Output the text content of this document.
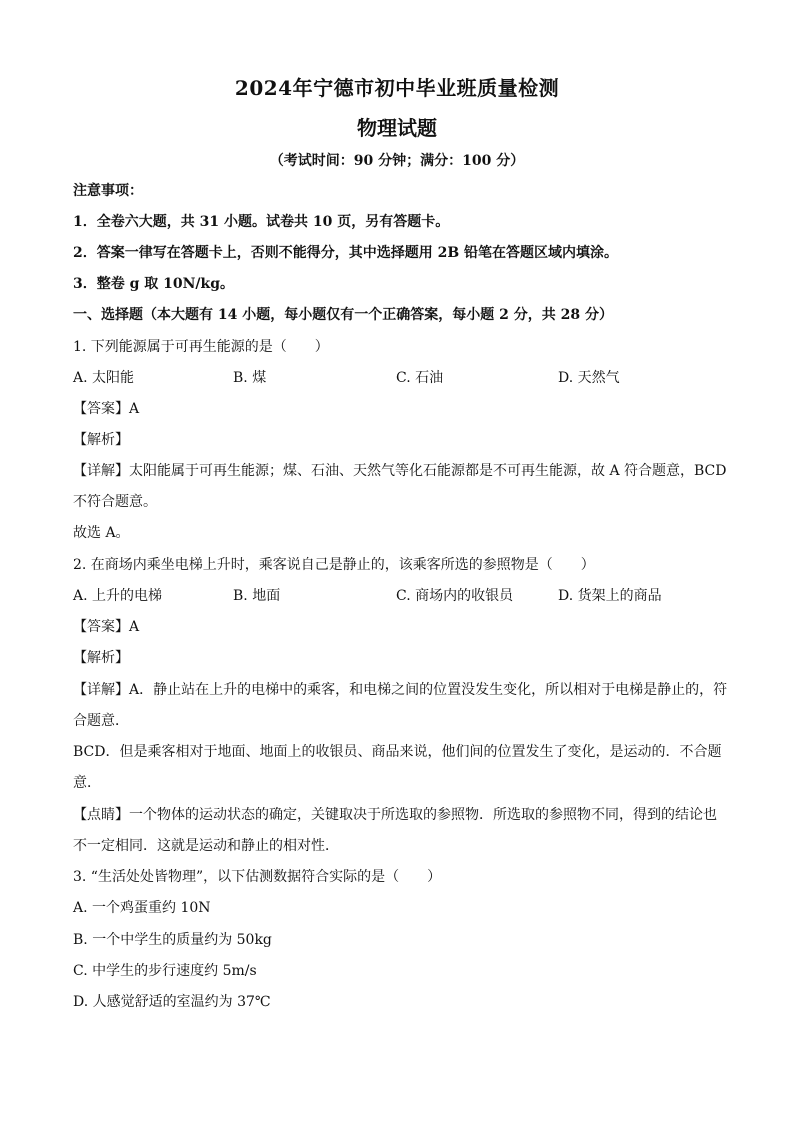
2024年宁德市初中毕业班质量检测
物理试题
（考试时间：90 分钟；满分：100 分）
注意事项：
1．全卷六大题，共 31 小题。试卷共 10 页，另有答题卡。
2．答案一律写在答题卡上，否则不能得分，其中选择题用 2B 铅笔在答题区域内填涂。
3．整卷 g 取 10N/kg。
一、选择题（本大题有 14 小题，每小题仅有一个正确答案，每小题 2 分，共 28 分）
1. 下列能源属于可再生能源的是（　　）
A. 太阳能	B. 煤	C. 石油	D. 天然气
【答案】A
【解析】
【详解】太阳能属于可再生能源；煤、石油、天然气等化石能源都是不可再生能源，故 A 符合题意，BCD
不符合题意。
故选 A。
2. 在商场内乘坐电梯上升时，乘客说自己是静止的，该乘客所选的参照物是（　　）
A. 上升的电梯	B. 地面	C. 商场内的收银员	D. 货架上的商品
【答案】A
【解析】
【详解】A．静止站在上升的电梯中的乘客，和电梯之间的位置没发生变化，所以相对于电梯是静止的，符
合题意．
BCD．但是乘客相对于地面、地面上的收银员、商品来说，他们间的位置发生了变化，是运动的．不合题
意．
【点睛】一个物体的运动状态的确定，关键取决于所选取的参照物．所选取的参照物不同，得到的结论也
不一定相同．这就是运动和静止的相对性．
3. “生活处处皆物理”，以下估测数据符合实际的是（　　）
A. 一个鸡蛋重约 10N
B. 一个中学生的质量约为 50kg
C. 中学生的步行速度约 5m/s
D. 人感觉舒适的室温约为 37℃
